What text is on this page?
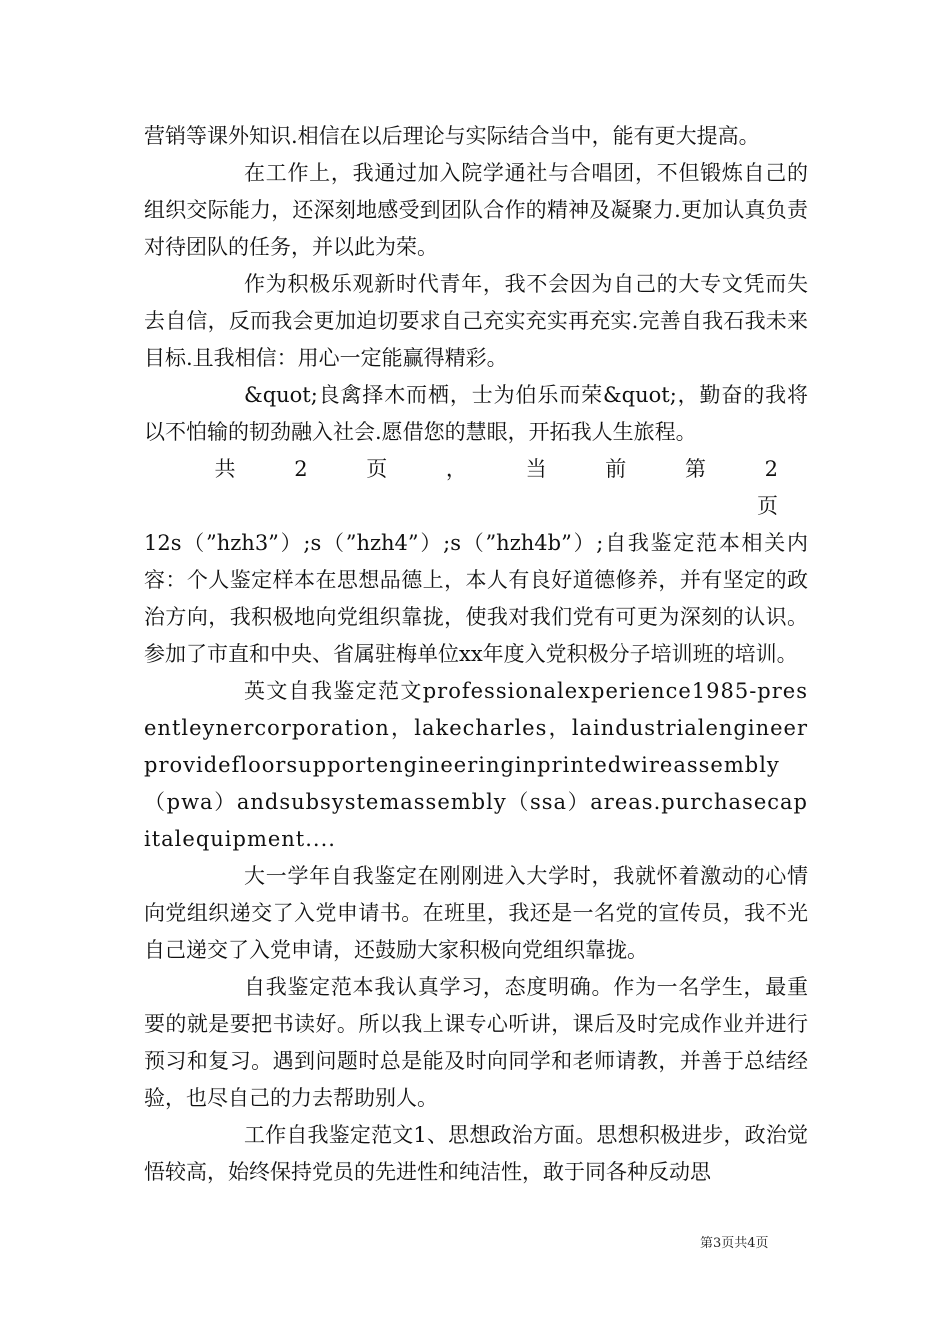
营销等课外知识.相信在以后理论与实际结合当中，能有更大提高。

在工作上，我通过加入院学通社与合唱团，不但锻炼自己的组织交际能力，还深刻地感受到团队合作的精神及凝聚力.更加认真负责对待团队的任务，并以此为荣。

作为积极乐观新时代青年，我不会因为自己的大专文凭而失去自信，反而我会更加迫切要求自己充实充实再充实.完善自我石我未来目标.且我相信：用心一定能赢得精彩。

&quot;良禽择木而栖，士为伯乐而荣&quot;，勤奋的我将以不怕输的韧劲融入社会.愿借您的慧眼，开拓我人生旅程。

共 2 页 ， 当 前 第 2 页

12s（”hzh3”）;s（”hzh4”）;s（”hzh4b”）;自我鉴定范本相关内容：个人鉴定样本在思想品德上，本人有良好道德修养，并有坚定的政治方向，我积极地向党组织靠拢，使我对我们党有可更为深刻的认识。参加了市直和中央、省属驻梅单位xx年度入党积极分子培训班的培训。

英文自我鉴定范文professionalexperience1985-presentleynercorporation，lakecharles，laindustrialengineerprovidefloorsupportengineeringinprintedwireassembly（pwa）andsubsystemassembly（ssa）areas.purchasecapitalequipment....

大一学年自我鉴定在刚刚进入大学时，我就怀着激动的心情向党组织递交了入党申请书。在班里，我还是一名党的宣传员，我不光自己递交了入党申请，还鼓励大家积极向党组织靠拢。

自我鉴定范本我认真学习，态度明确。作为一名学生，最重要的就是要把书读好。所以我上课专心听讲，课后及时完成作业并进行预习和复习。遇到问题时总是能及时向同学和老师请教，并善于总结经验，也尽自己的力去帮助别人。

工作自我鉴定范文1、思想政治方面。思想积极进步，政治觉悟较高，始终保持党员的先进性和纯洁性，敢于同各种反动思

第3页共4页
